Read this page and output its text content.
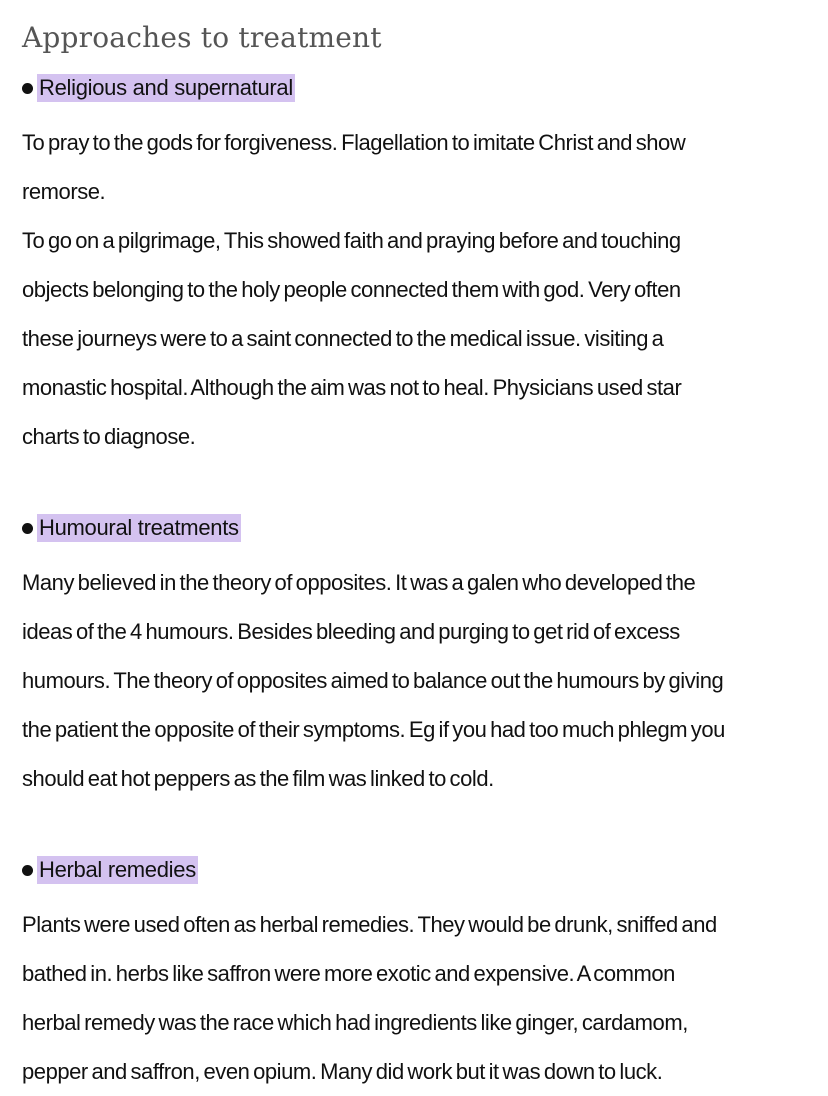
Approaches to treatment
Religious and supernatural
To pray to the gods for forgiveness. Flagellation to imitate Christ and show
remorse.
To go on a pilgrimage, This showed faith and praying before and touching
objects belonging to the holy people connected them with god. Very often
these journeys were to a saint connected to the medical issue. visiting a
monastic hospital. Although the aim was not to heal. Physicians used star
charts to diagnose.
Humoural treatments
Many believed in the theory of opposites. It was a galen who developed the
ideas of the 4 humours. Besides bleeding and purging to get rid of excess
humours. The theory of opposites aimed to balance out the humours by giving
the patient the opposite of their symptoms. Eg if you had too much phlegm you
should eat hot peppers as the film was linked to cold.
Herbal remedies
Plants were used often as herbal remedies. They would be drunk, sniffed and
bathed in. herbs like saffron were more exotic and expensive. A common
herbal remedy was the race which had ingredients like ginger, cardamom,
pepper and saffron, even opium. Many did work but it was down to luck.
